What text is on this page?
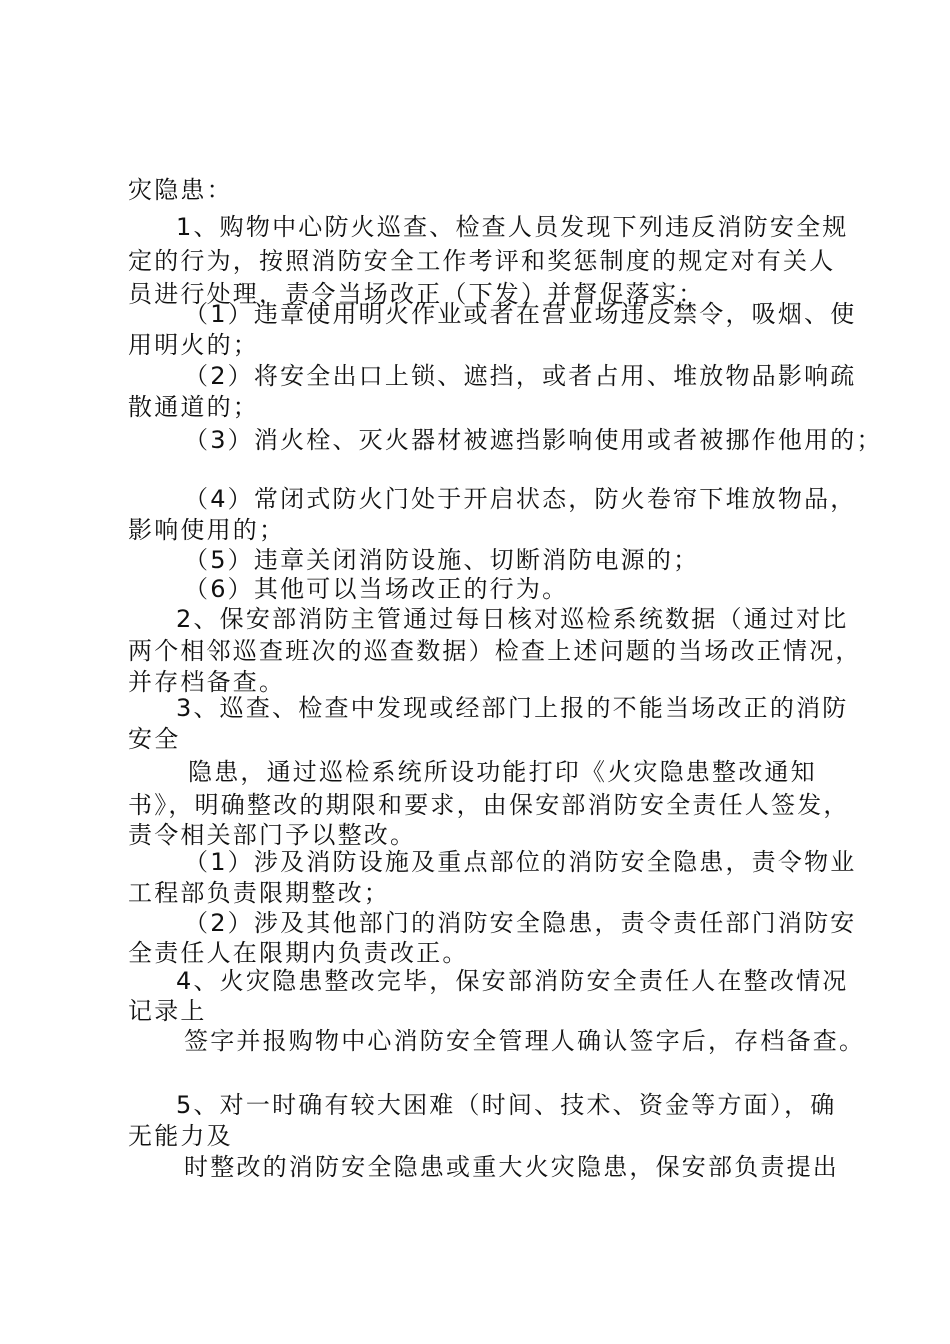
灾隐患：
1、购物中心防火巡查、检查人员发现下列违反消防安全规
定的行为，按照消防安全工作考评和奖惩制度的规定对有关人
员进行处理，责令当场改正（下发）并督促落实：
（1）违章使用明火作业或者在营业场违反禁令，吸烟、使
用明火的；
（2）将安全出口上锁、遮挡，或者占用、堆放物品影响疏
散通道的；
（3）消火栓、灭火器材被遮挡影响使用或者被挪作他用的；
（4）常闭式防火门处于开启状态，防火卷帘下堆放物品，
影响使用的；
（5）违章关闭消防设施、切断消防电源的；
（6）其他可以当场改正的行为。
2、保安部消防主管通过每日核对巡检系统数据（通过对比
两个相邻巡查班次的巡查数据）检查上述问题的当场改正情况，
并存档备查。
3、巡查、检查中发现或经部门上报的不能当场改正的消防
安全
隐患，通过巡检系统所设功能打印《火灾隐患整改通知
书》，明确整改的期限和要求，由保安部消防安全责任人签发，
责令相关部门予以整改。
（1）涉及消防设施及重点部位的消防安全隐患，责令物业
工程部负责限期整改；
（2）涉及其他部门的消防安全隐患，责令责任部门消防安
全责任人在限期内负责改正。
4、火灾隐患整改完毕，保安部消防安全责任人在整改情况
记录上
签字并报购物中心消防安全管理人确认签字后，存档备查。
5、对一时确有较大困难（时间、技术、资金等方面），确
无能力及
时整改的消防安全隐患或重大火灾隐患，保安部负责提出
